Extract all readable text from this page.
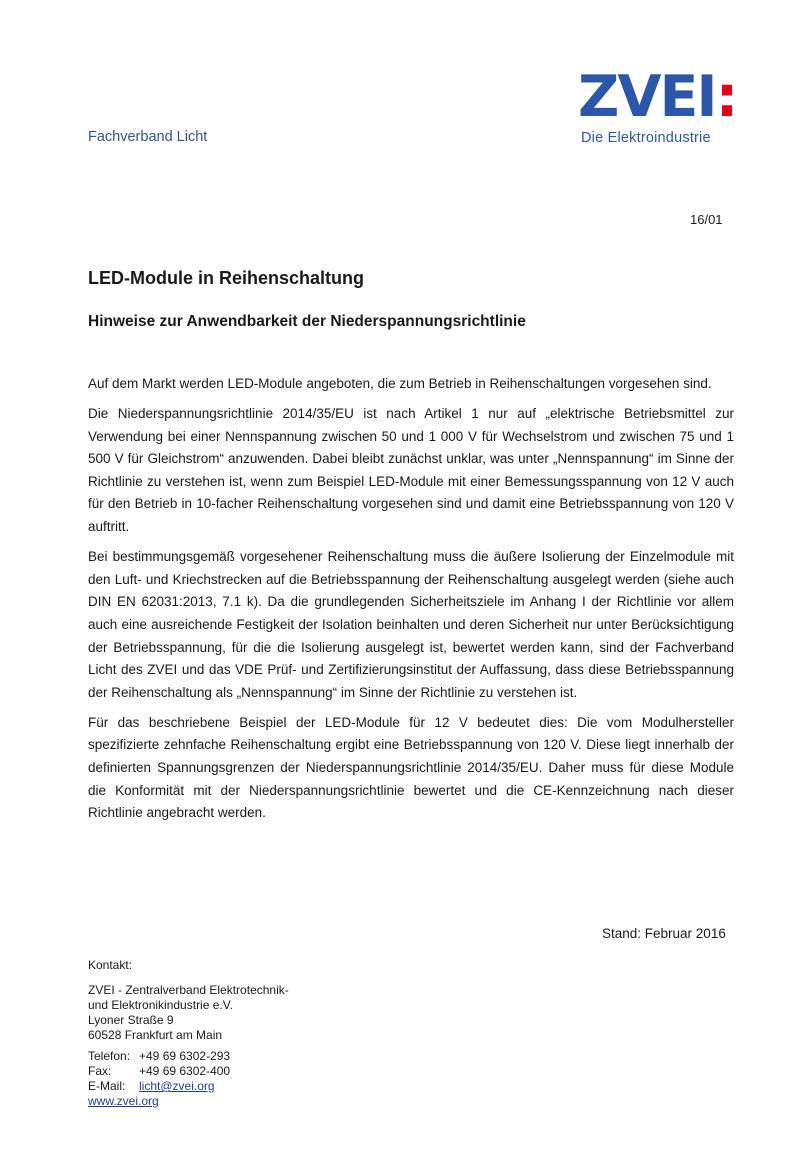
Fachverband Licht
ZVEI:
Die Elektroindustrie
16/01
LED-Module in Reihenschaltung
Hinweise zur Anwendbarkeit der Niederspannungsrichtlinie

Auf dem Markt werden LED-Module angeboten, die zum Betrieb in Reihenschaltungen vorgesehen sind.

Die Niederspannungsrichtlinie 2014/35/EU ist nach Artikel 1 nur auf „elektrische Betriebsmittel zur Verwendung bei einer Nennspannung zwischen 50 und 1 000 V für Wechselstrom und zwischen 75 und 1 500 V für Gleichstrom“ anzuwenden. Dabei bleibt zunächst unklar, was unter „Nennspannung“ im Sinne der Richtlinie zu verstehen ist, wenn zum Beispiel LED-Module mit einer Bemessungsspannung von 12 V auch für den Betrieb in 10-facher Reihenschaltung vorgesehen sind und damit eine Betriebsspannung von 120 V auftritt.

Bei bestimmungsgemäß vorgesehener Reihenschaltung muss die äußere Isolierung der Einzelmodule mit den Luft- und Kriechstrecken auf die Betriebsspannung der Reihenschaltung ausgelegt werden (siehe auch DIN EN 62031:2013, 7.1 k). Da die grundlegenden Sicherheitsziele im Anhang I der Richtlinie vor allem auch eine ausreichende Festigkeit der Isolation beinhalten und deren Sicherheit nur unter Berücksichtigung der Betriebsspannung, für die die Isolierung ausgelegt ist, bewertet werden kann, sind der Fachverband Licht des ZVEI und das VDE Prüf- und Zertifizierungsinstitut der Auffassung, dass diese Betriebsspannung der Reihenschaltung als „Nennspannung“ im Sinne der Richtlinie zu verstehen ist.

Für das beschriebene Beispiel der LED-Module für 12 V bedeutet dies: Die vom Modulhersteller spezifizierte zehnfache Reihenschaltung ergibt eine Betriebsspannung von 120 V. Diese liegt innerhalb der definierten Spannungsgrenzen der Niederspannungsrichtlinie 2014/35/EU. Daher muss für diese Module die Konformität mit der Niederspannungsrichtlinie bewertet und die CE-Kennzeichnung nach dieser Richtlinie angebracht werden.

Stand: Februar 2016
Kontakt:
ZVEI - Zentralverband Elektrotechnik-
und Elektronikindustrie e.V.
Lyoner Straße 9
60528 Frankfurt am Main
Telefon: +49 69 6302-293
Fax:	+49 69 6302-400
E-Mail:	licht@zvei.org
www.zvei.org
